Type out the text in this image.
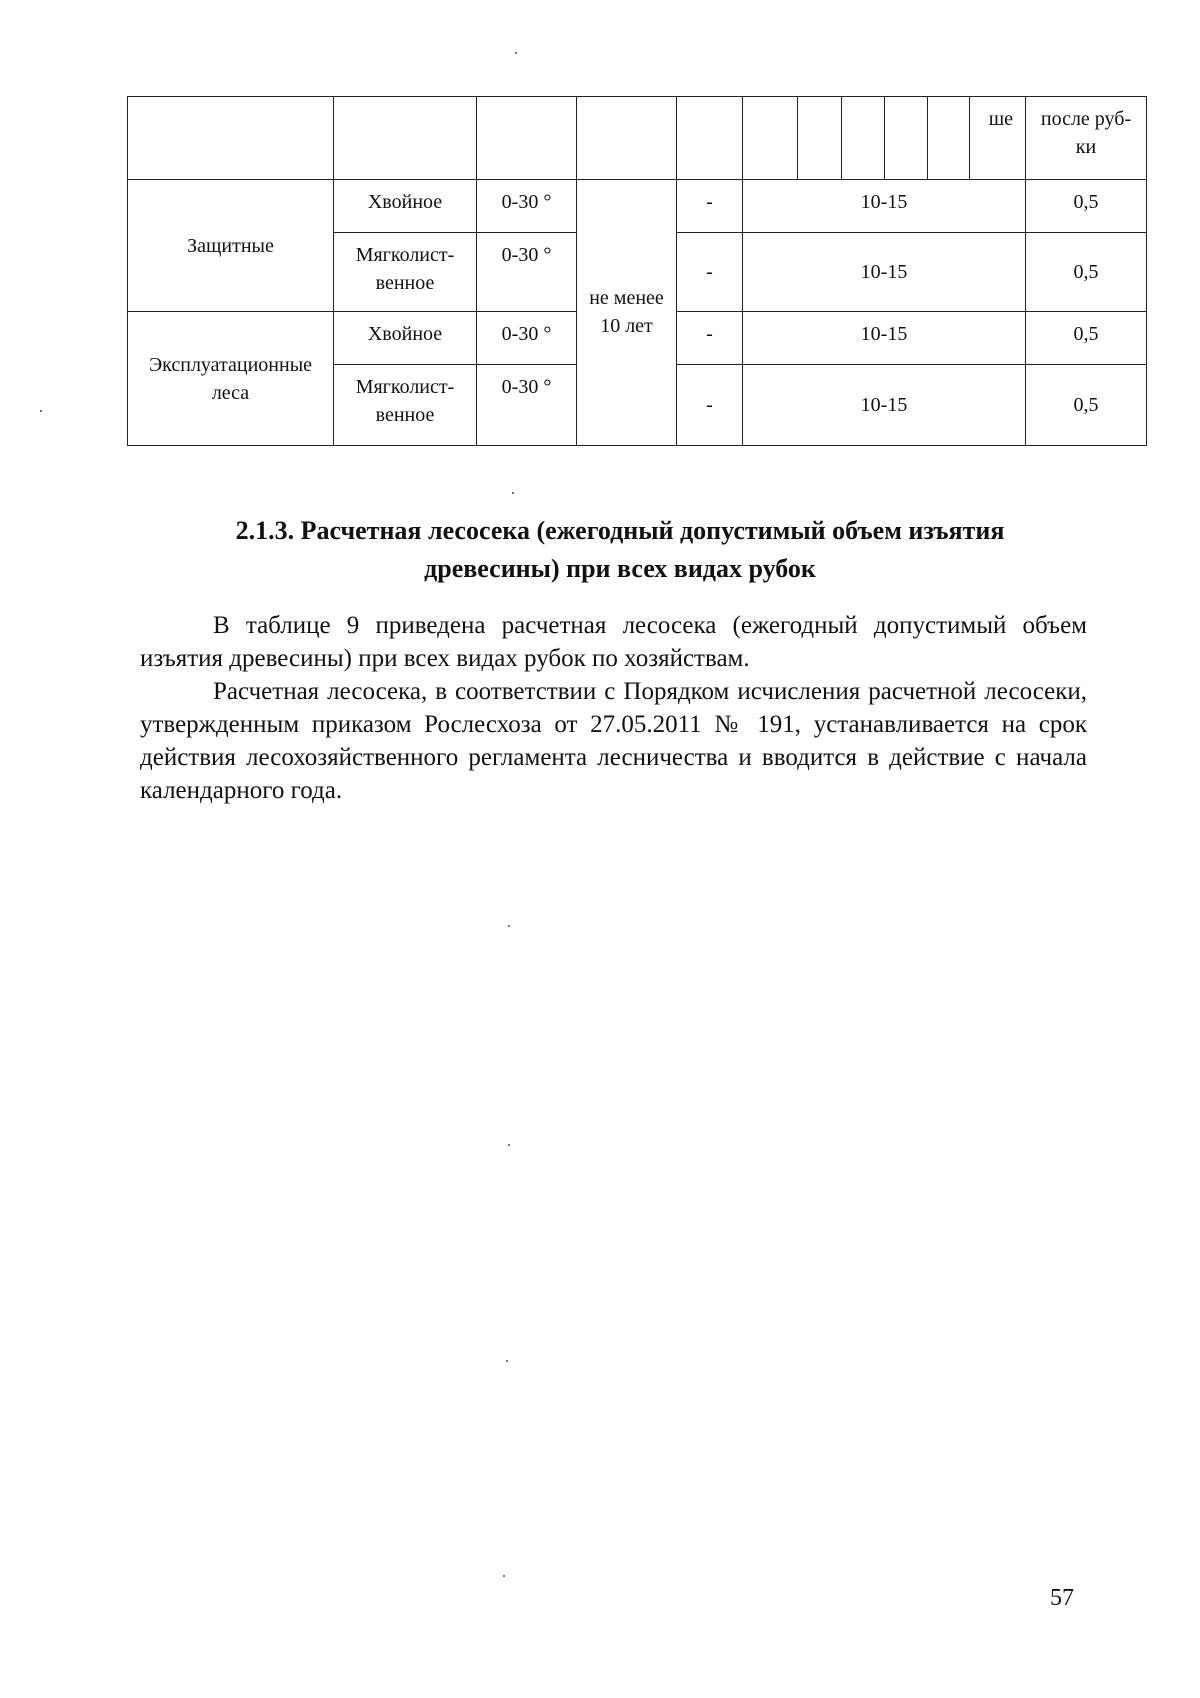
										ше	после руб-ки
Защитные	Хвойное	0-30 °	не менее 10 лет	-	10-15						0,5
	Мягколист-венное	0-30 °		-	10-15						0,5
Эксплуатационные леса	Хвойное	0-30 °		-	10-15						0,5
	Мягколист-венное	0-30 °		-	10-15						0,5
2.1.3. Расчетная лесосека (ежегодный допустимый объем изъятия
древесины) при всех видах рубок

В таблице 9 приведена расчетная лесосека (ежегодный допустимый объем изъятия древесины) при всех видах рубок по хозяйствам.

Расчетная лесосека, в соответствии с Порядком исчисления расчетной лесосеки, утвержденным приказом Рослесхоза от 27.05.2011 № 191, устанавливается на срок действия лесохозяйственного регламента лесничества и вводится в действие с начала календарного года.

57
